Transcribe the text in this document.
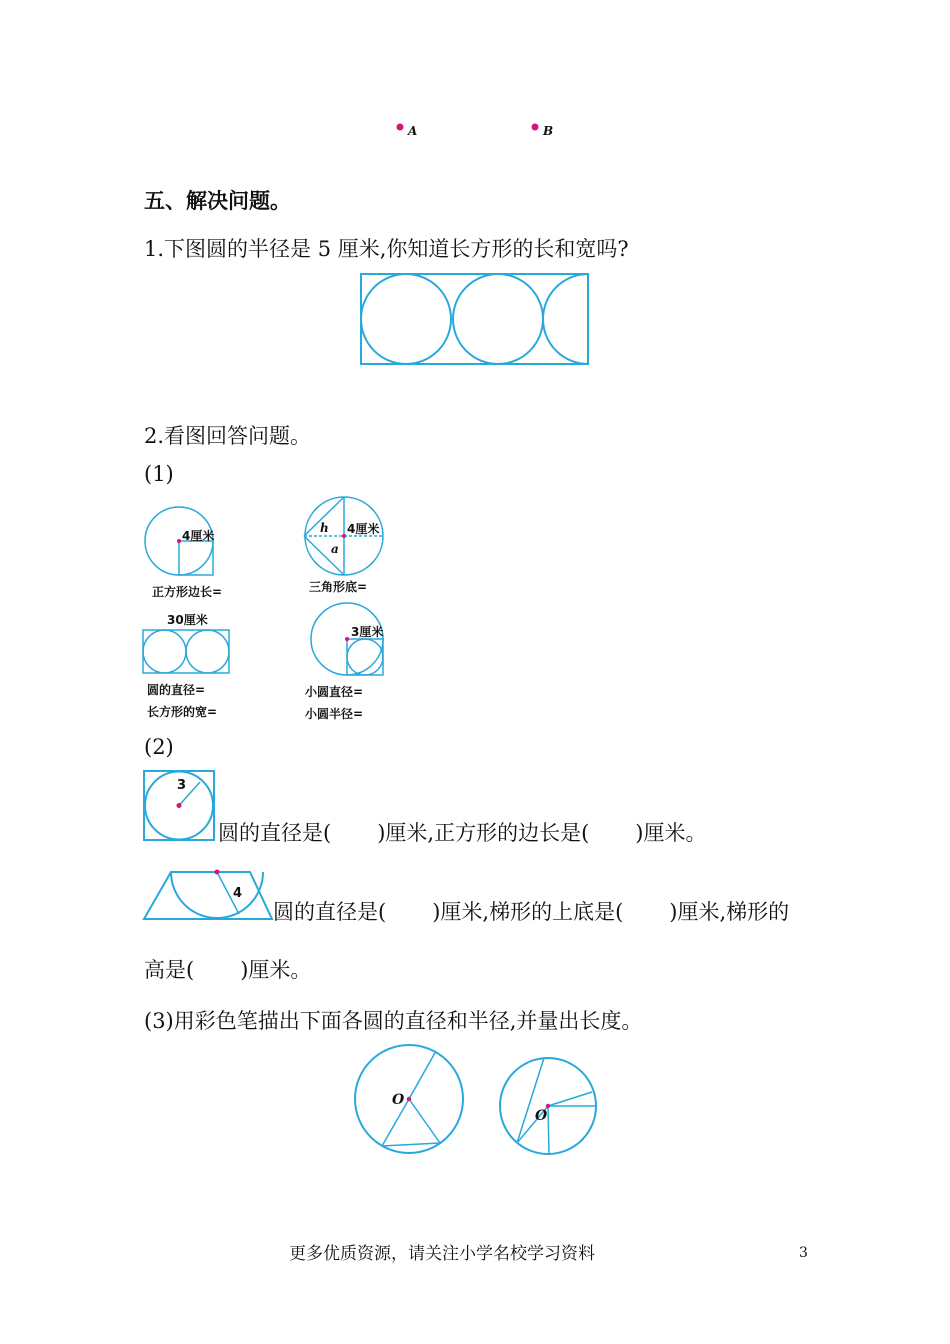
A	B
五、解决问题。
1.下图圆的半径是 5 厘米,你知道长方形的长和宽吗?
2.看图回答问题。
(1)
4厘米
正方形边长=
h
a
4厘米
三角形底=
30厘米
圆的直径=
长方形的宽=
3厘米
小圆直径=
小圆半径=
(2)
3
圆的直径是( )厘米,正方形的边长是( )厘米。
4
圆的直径是( )厘米,梯形的上底是( )厘米,梯形的
高是( )厘米。
(3)用彩色笔描出下面各圆的直径和半径,并量出长度。
O
O
更多优质资源，请关注小学名校学习资料	3
